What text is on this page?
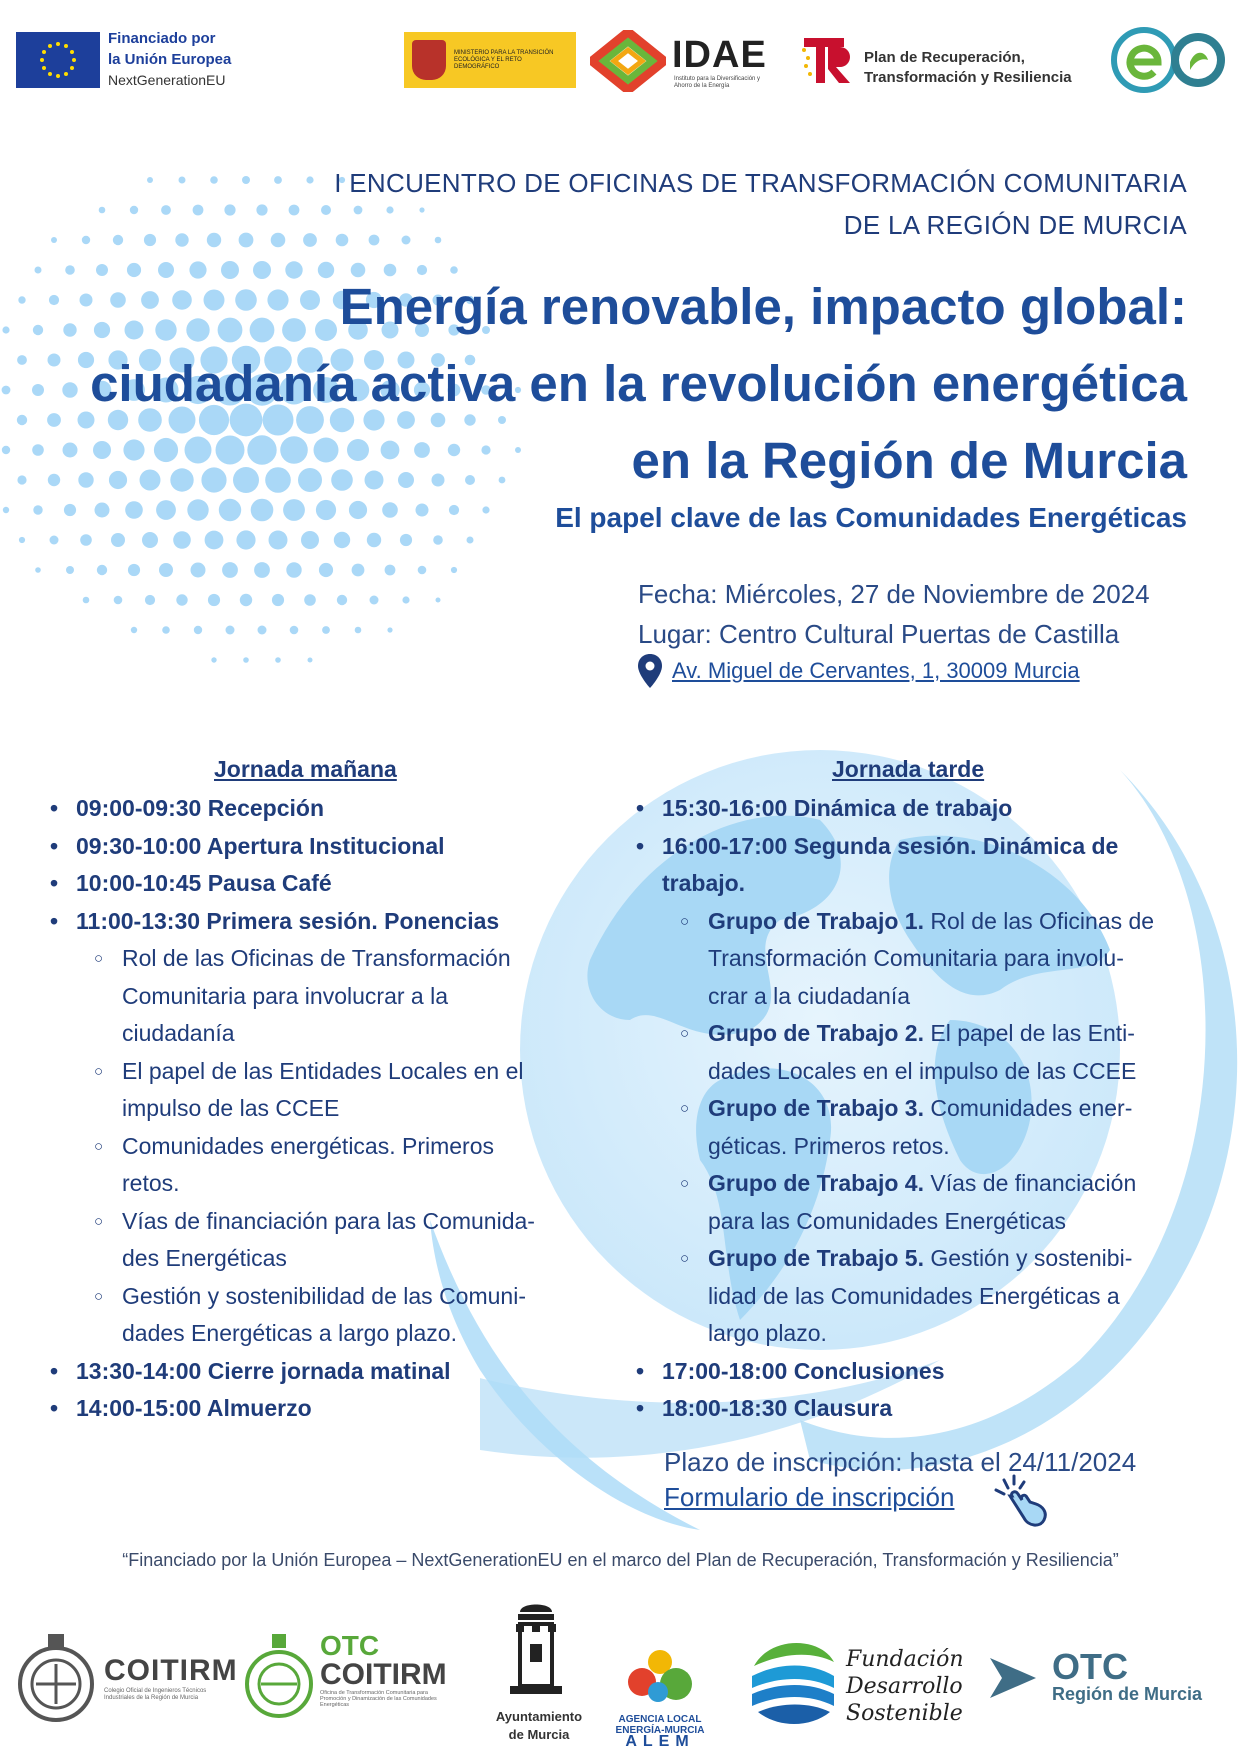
Financiado por
la Unión Europea
NextGenerationEU
MINISTERIO PARA LA TRANSICIÓN ECOLÓGICA Y EL RETO DEMOGRÁFICO	IDAE
Instituto para la Diversificación y Ahorro de la Energía
Plan de Recuperación,
Transformación y Resiliencia
I ENCUENTRO DE OFICINAS DE TRANSFORMACIÓN COMUNITARIA
DE LA REGIÓN DE MURCIA
Energía renovable, impacto global:
ciudadanía activa en la revolución energética
en la Región de Murcia
El papel clave de las Comunidades Energéticas
Fecha: Miércoles, 27 de Noviembre de 2024
Lugar: Centro Cultural Puertas de Castilla
Av. Miguel de Cervantes, 1, 30009 Murcia
Jornada mañana	Jornada tarde
• 09:00-09:30 Recepción
• 09:30-10:00 Apertura Institucional
• 10:00-10:45 Pausa Café
• 11:00-13:30 Primera sesión. Ponencias
○ Rol de las Oficinas de Transformación
Comunitaria para involucrar a la
ciudadanía
○ El papel de las Entidades Locales en el
impulso de las CCEE
○ Comunidades energéticas. Primeros
retos.
○ Vías de financiación para las Comunida-
des Energéticas
○ Gestión y sostenibilidad de las Comuni-
dades Energéticas a largo plazo.
• 13:30-14:00 Cierre jornada matinal
• 14:00-15:00 Almuerzo
• 15:30-16:00 Dinámica de trabajo
• 16:00-17:00 Segunda sesión. Dinámica de
trabajo.
○ Grupo de Trabajo 1. Rol de las Oficinas de
Transformación Comunitaria para involu-
crar a la ciudadanía
○ Grupo de Trabajo 2. El papel de las Enti-
dades Locales en el impulso de las CCEE
○ Grupo de Trabajo 3. Comunidades ener-
géticas. Primeros retos.
○ Grupo de Trabajo 4. Vías de financiación
para las Comunidades Energéticas
○ Grupo de Trabajo 5. Gestión y sostenibi-
lidad de las Comunidades Energéticas a
largo plazo.
• 17:00-18:00 Conclusiones
• 18:00-18:30 Clausura
Plazo de inscripción: hasta el 24/11/2024
Formulario de inscripción
“Financiado por la Unión Europea – NextGenerationEU en el marco del Plan de Recuperación, Transformación y Resiliencia”
COITIRM
Colegio Oficial de Ingenieros Técnicos Industriales de la Región de Murcia
OTC
COITIRM
Oficina de Transformación Comunitaria para Promoción y Dinamización de las Comunidades Energéticas
Ayuntamiento
de Murcia
AGENCIA LOCAL
ENERGÍA-MURCIA
ALEM
Fundación
Desarrollo
Sostenible
OTC
Región de Murcia
